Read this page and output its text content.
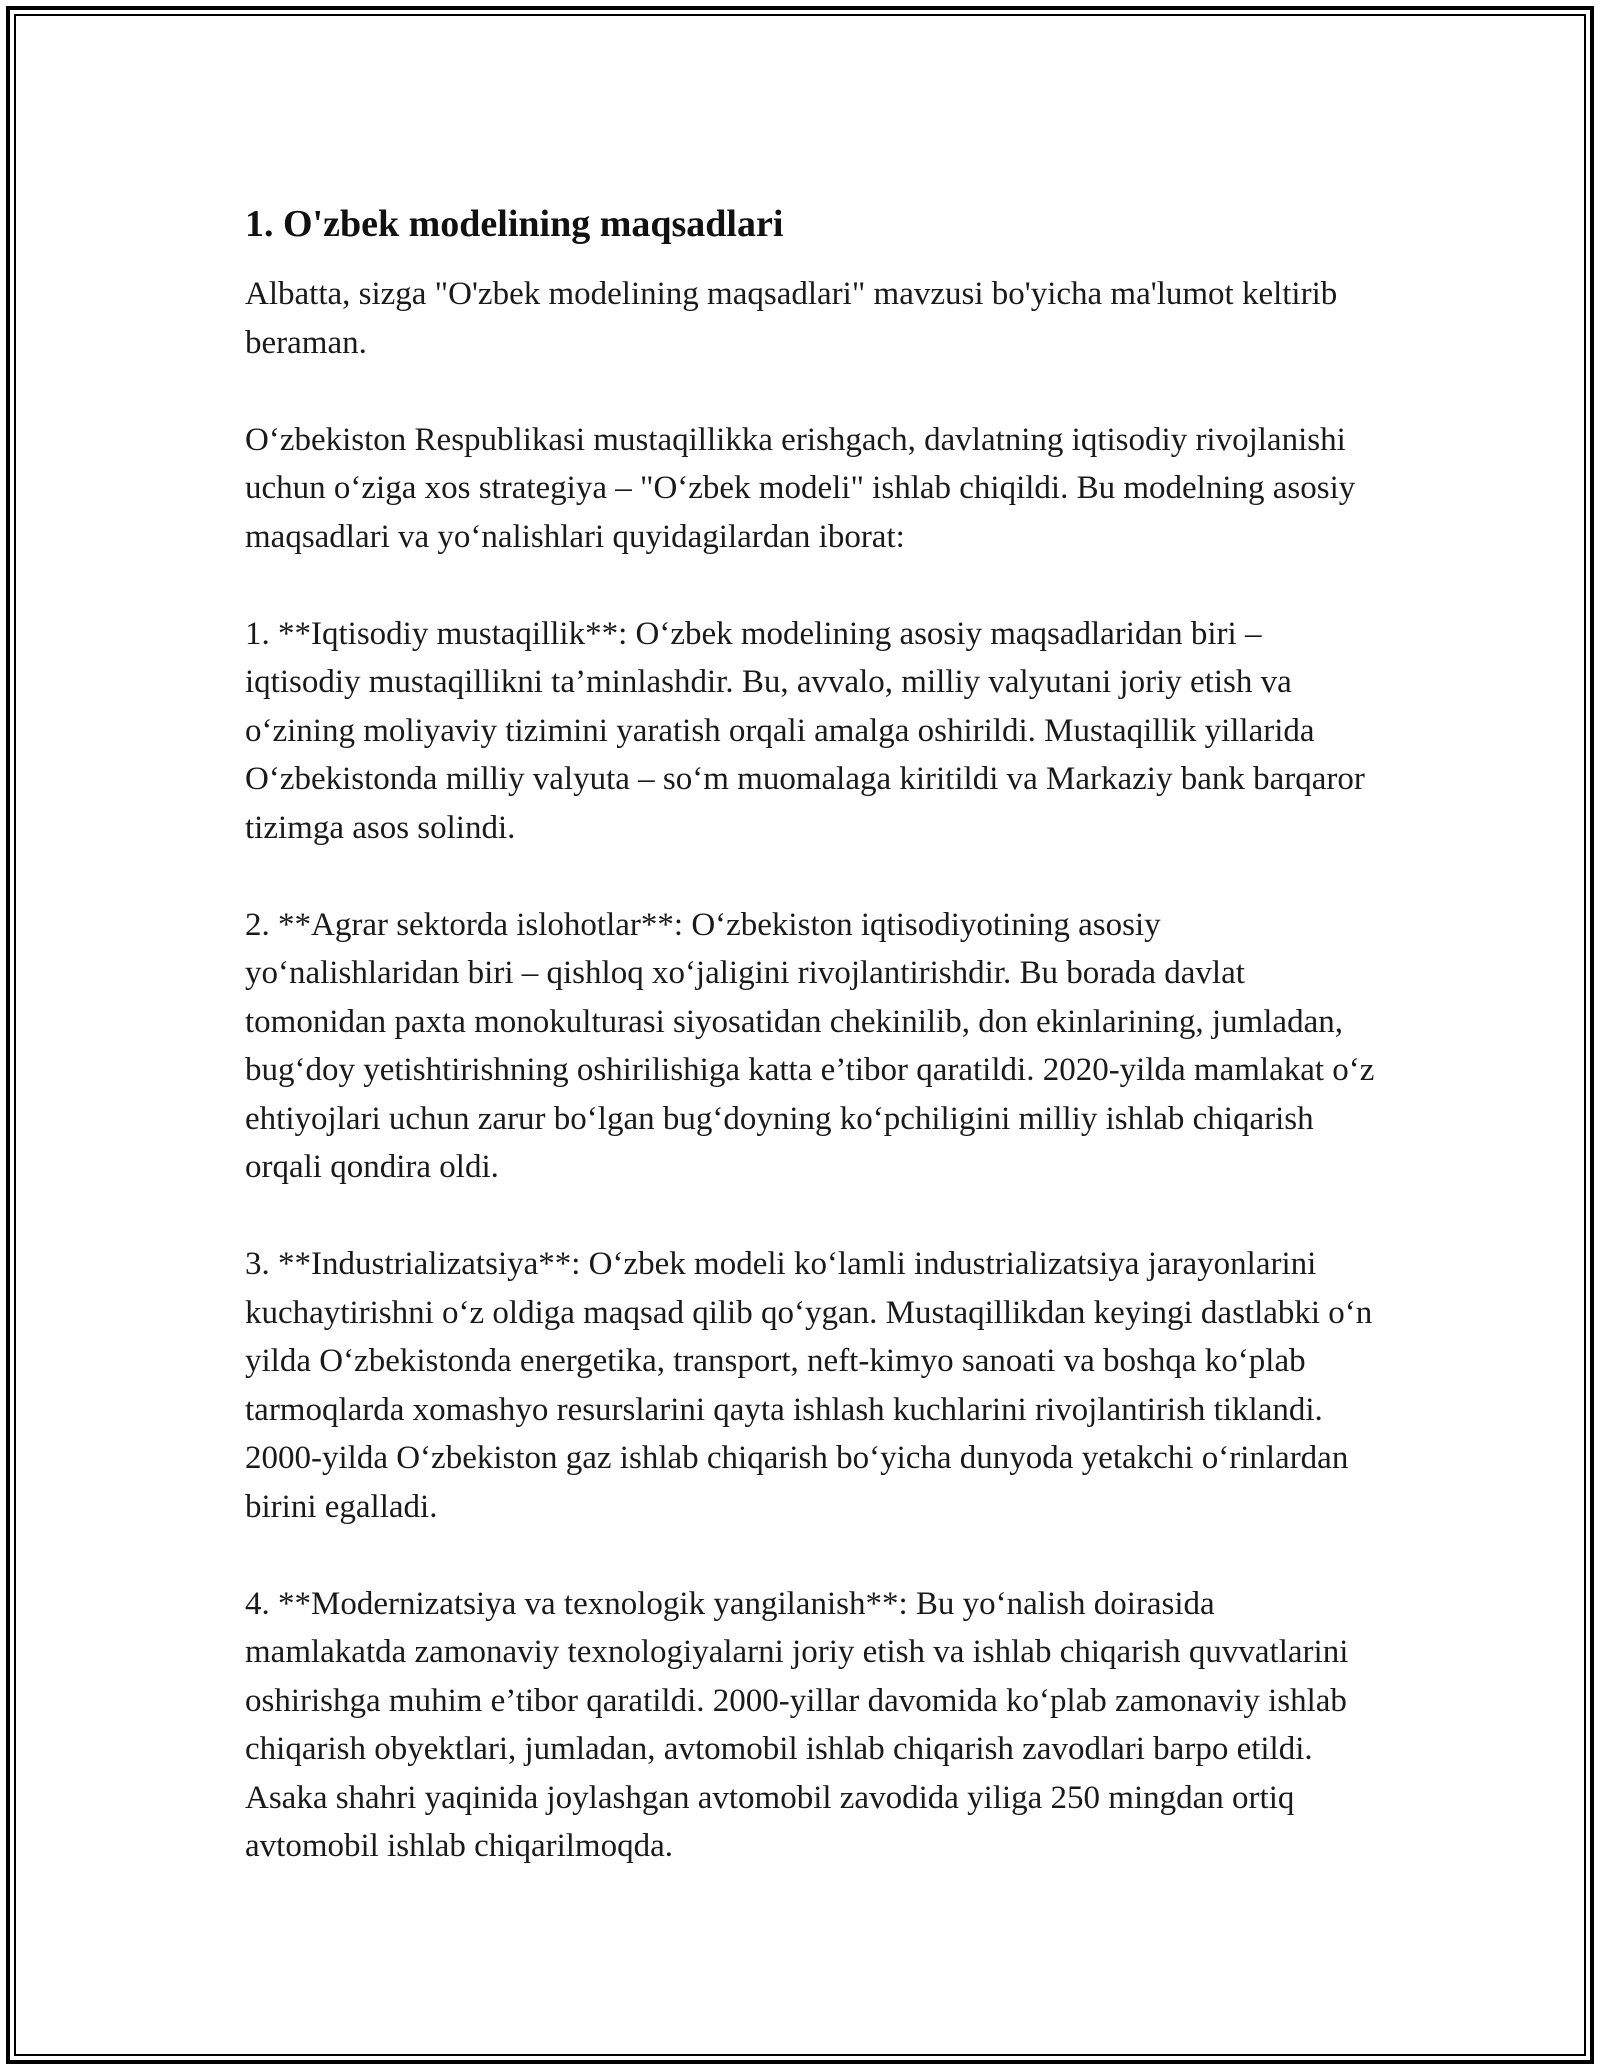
1. O'zbek modelining maqsadlari

Albatta, sizga "O'zbek modelining maqsadlari" mavzusi bo'yicha ma'lumot keltirib beraman.

O‘zbekiston Respublikasi mustaqillikka erishgach, davlatning iqtisodiy rivojlanishi uchun o‘ziga xos strategiya – "O‘zbek modeli" ishlab chiqildi. Bu modelning asosiy maqsadlari va yo‘nalishlari quyidagilardan iborat:

1. **Iqtisodiy mustaqillik**: O‘zbek modelining asosiy maqsadlaridan biri – iqtisodiy mustaqillikni ta’minlashdir. Bu, avvalo, milliy valyutani joriy etish va o‘zining moliyaviy tizimini yaratish orqali amalga oshirildi. Mustaqillik yillarida O‘zbekistonda milliy valyuta – so‘m muomalaga kiritildi va Markaziy bank barqaror tizimga asos solindi.

2. **Agrar sektorda islohotlar**: O‘zbekiston iqtisodiyotining asosiy yo‘nalishlaridan biri – qishloq xo‘jaligini rivojlantirishdir. Bu borada davlat tomonidan paxta monokulturasi siyosatidan chekinilib, don ekinlarining, jumladan, bug‘doy yetishtirishning oshirilishiga katta e’tibor qaratildi. 2020-yilda mamlakat o‘z ehtiyojlari uchun zarur bo‘lgan bug‘doyning ko‘pchiligini milliy ishlab chiqarish orqali qondira oldi.

3. **Industrializatsiya**: O‘zbek modeli ko‘lamli industrializatsiya jarayonlarini kuchaytirishni o‘z oldiga maqsad qilib qo‘ygan. Mustaqillikdan keyingi dastlabki o‘n yilda O‘zbekistonda energetika, transport, neft-kimyo sanoati va boshqa ko‘plab tarmoqlarda xomashyo resurslarini qayta ishlash kuchlarini rivojlantirish tiklandi. 2000-yilda O‘zbekiston gaz ishlab chiqarish bo‘yicha dunyoda yetakchi o‘rinlardan birini egalladi.

4. **Modernizatsiya va texnologik yangilanish**: Bu yo‘nalish doirasida mamlakatda zamonaviy texnologiyalarni joriy etish va ishlab chiqarish quvvatlarini oshirishga muhim e’tibor qaratildi. 2000-yillar davomida ko‘plab zamonaviy ishlab chiqarish obyektlari, jumladan, avtomobil ishlab chiqarish zavodlari barpo etildi. Asaka shahri yaqinida joylashgan avtomobil zavodida yiliga 250 mingdan ortiq avtomobil ishlab chiqarilmoqda.
